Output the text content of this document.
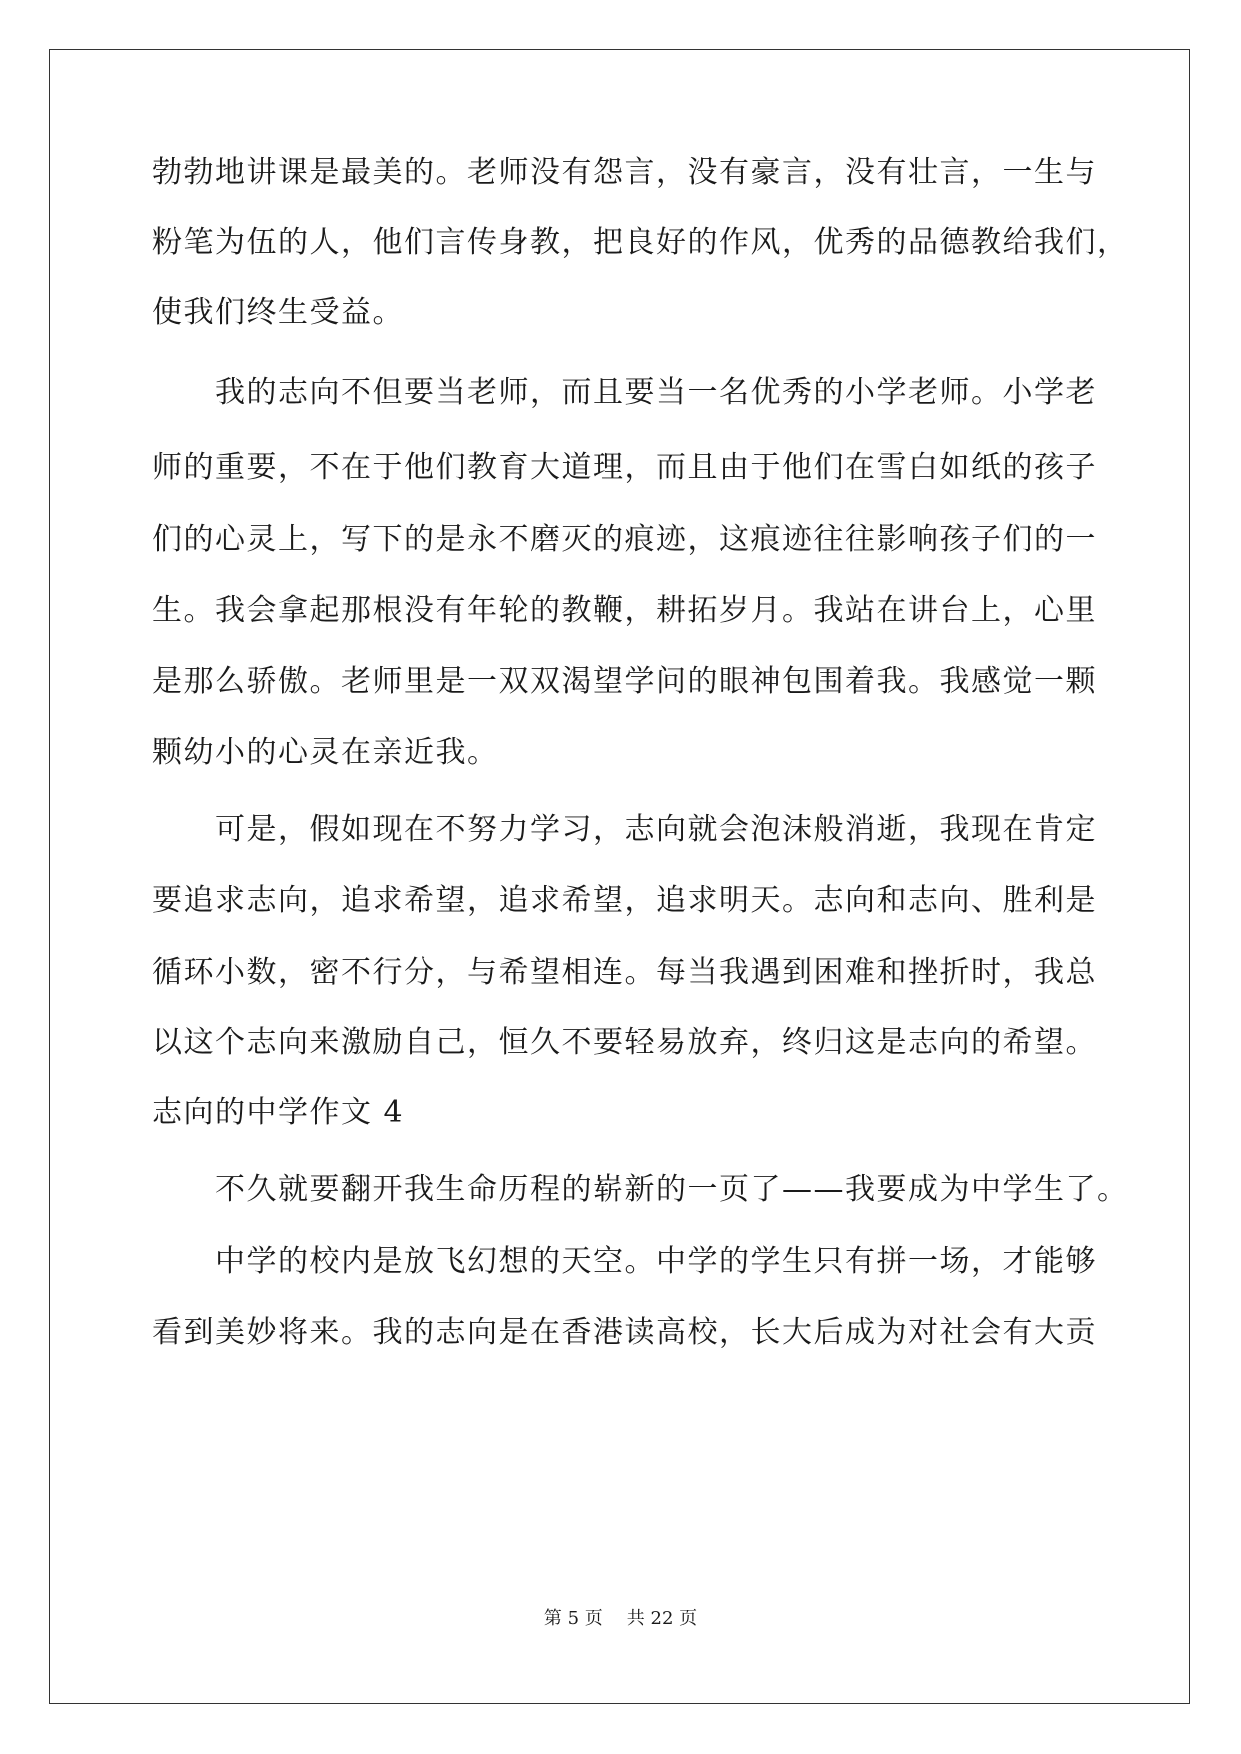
勃勃地讲课是最美的。老师没有怨言，没有豪言，没有壮言，一生与
粉笔为伍的人，他们言传身教，把良好的作风，优秀的品德教给我们，
使我们终生受益。
我的志向不但要当老师，而且要当一名优秀的小学老师。小学老
师的重要，不在于他们教育大道理，而且由于他们在雪白如纸的孩子
们的心灵上，写下的是永不磨灭的痕迹，这痕迹往往影响孩子们的一
生。我会拿起那根没有年轮的教鞭，耕拓岁月。我站在讲台上，心里
是那么骄傲。老师里是一双双渴望学问的眼神包围着我。我感觉一颗
颗幼小的心灵在亲近我。
可是，假如现在不努力学习，志向就会泡沫般消逝，我现在肯定
要追求志向，追求希望，追求希望，追求明天。志向和志向、胜利是
循环小数，密不行分，与希望相连。每当我遇到困难和挫折时，我总
以这个志向来激励自己，恒久不要轻易放弃，终归这是志向的希望。
志向的中学作文 4
不久就要翻开我生命历程的崭新的一页了——我要成为中学生了。
中学的校内是放飞幻想的天空。中学的学生只有拼一场，才能够
看到美妙将来。我的志向是在香港读高校，长大后成为对社会有大贡
第 5 页 共 22 页
